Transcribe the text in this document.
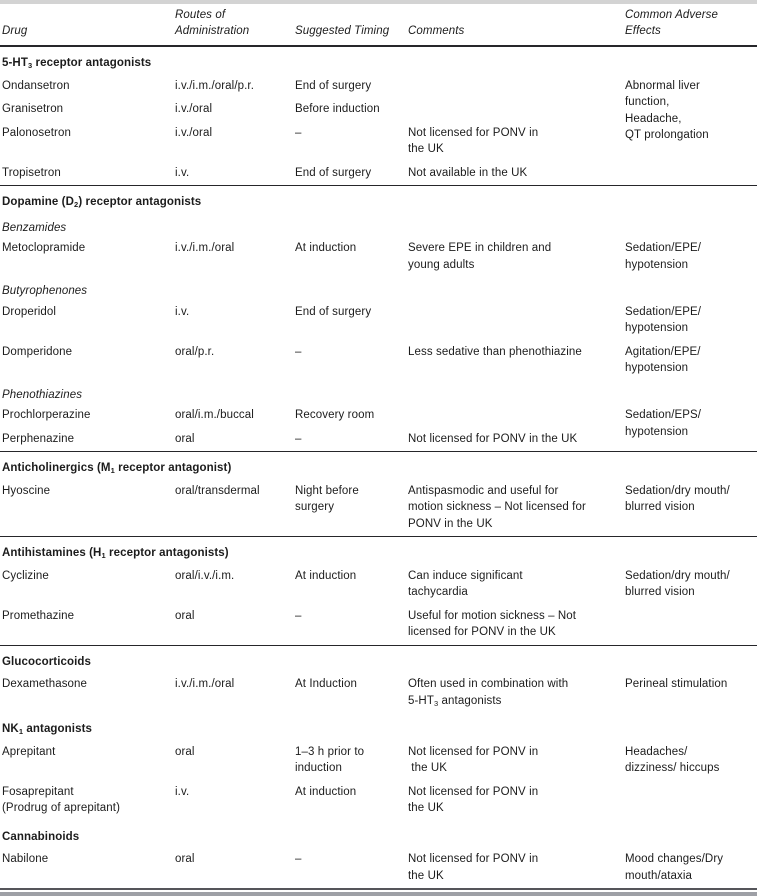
Drug	Routes of
Administration	Suggested Timing	Comments	Common Adverse
Effects
$5-HT_3$ receptor antagonists				
Ondansetron	i.v./i.m./oral/p.r.	End of surgery		Abnormal liver
function,
Headache,
QT prolongation
Granisetron	i.v./oral	Before induction		
Palonosetron	i.v./oral	–	Not licensed for PONV in
the UK	
Tropisetron	i.v.	End of surgery	Not available in the UK	
Dopamine $(D_2)$ receptor antagonists				
Benzamides				
Metoclopramide	i.v./i.m./oral	At induction	Severe EPE in children and
young adults	Sedation/EPE/
hypotension
Butyrophenones				
Droperidol	i.v.	End of surgery		Sedation/EPE/
hypotension
Domperidone	oral/p.r.	–	Less sedative than phenothiazine	Agitation/EPE/
hypotension
Phenothiazines				
Prochlorperazine	oral/i.m./buccal	Recovery room		Sedation/EPS/
hypotension
Perphenazine	oral	–	Not licensed for PONV in the UK	
Anticholinergics ($M_1$ receptor antagonist)				
Hyoscine	oral/transdermal	Night before
surgery	Antispasmodic and useful for
motion sickness – Not licensed for
PONV in the UK	Sedation/dry mouth/
blurred vision
Antihistamines ($H_1$ receptor antagonists)				
Cyclizine	oral/i.v./i.m.	At induction	Can induce significant
tachycardia	Sedation/dry mouth/
blurred vision
Promethazine	oral	–	Useful for motion sickness – Not
licensed for PONV in the UK	
Glucocorticoids				
Dexamethasone	i.v./i.m./oral	At Induction	Often used in combination with
$5-HT_3$ antagonists	Perineal stimulation
$NK_1$ antagonists				
Aprepitant	oral	1–3 h prior to
induction	Not licensed for PONV in
the UK	Headaches/
dizziness/ hiccups
Fosaprepitant
(Prodrug of aprepitant)	i.v.	At induction	Not licensed for PONV in
the UK	
Cannabinoids				
Nabilone	oral	–	Not licensed for PONV in
the UK	Mood changes/Dry
mouth/ataxia
